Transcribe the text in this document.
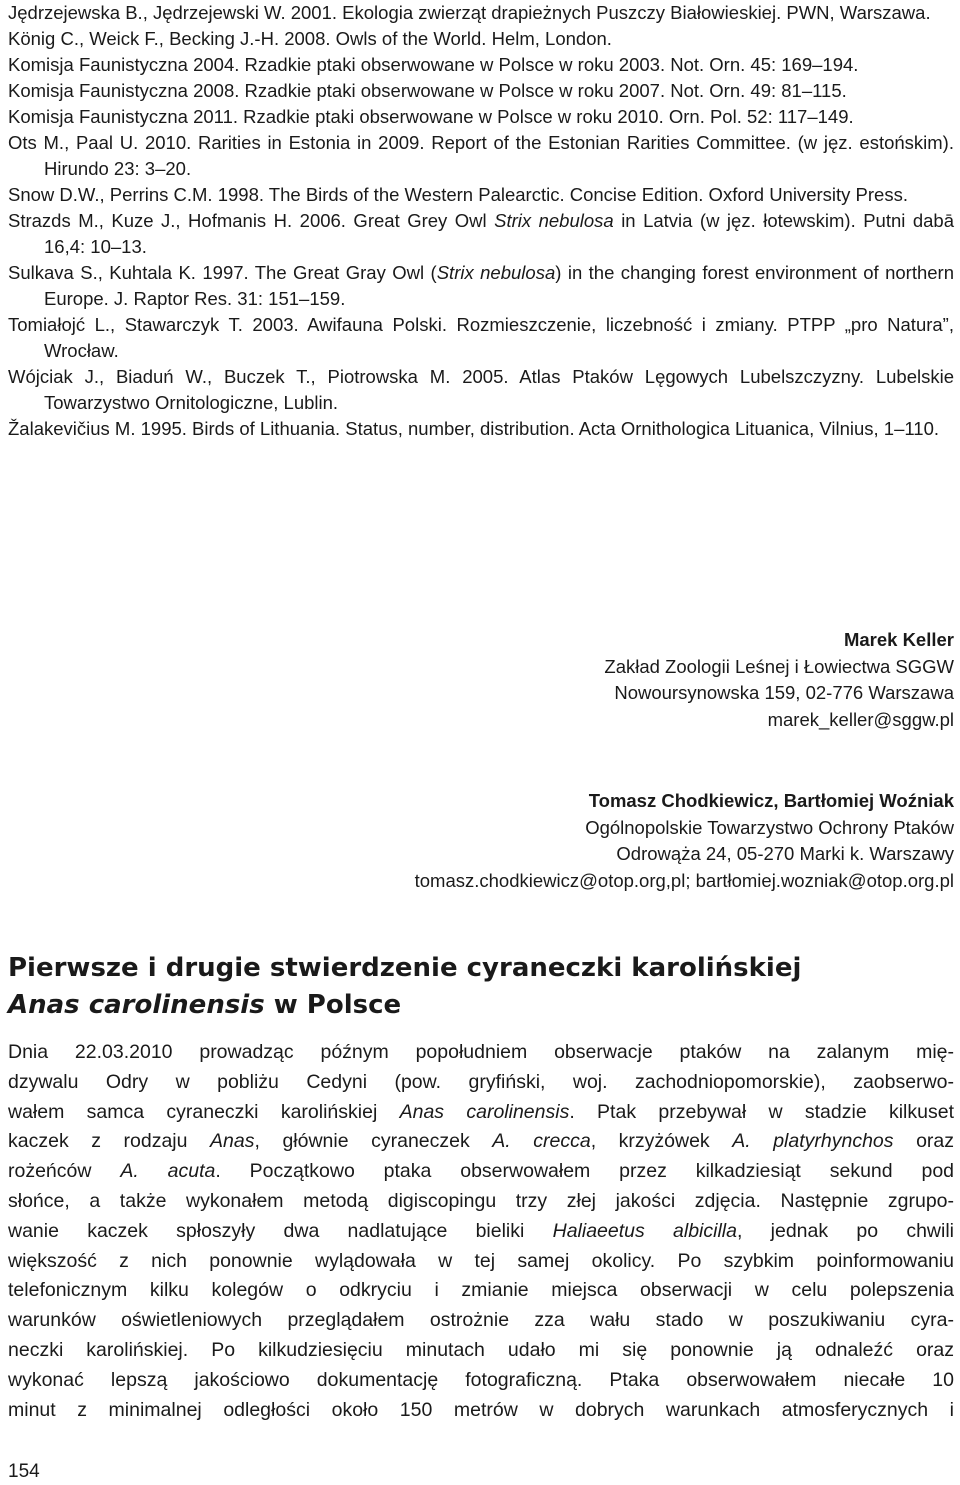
Jędrzejewska B., Jędrzejewski W. 2001. Ekologia zwierząt drapieżnych Puszczy Białowieskiej. PWN, Warszawa.

König C., Weick F., Becking J.-H. 2008. Owls of the World. Helm, London.

Komisja Faunistyczna 2004. Rzadkie ptaki obserwowane w Polsce w roku 2003. Not. Orn. 45: 169–194.

Komisja Faunistyczna 2008. Rzadkie ptaki obserwowane w Polsce w roku 2007. Not. Orn. 49: 81–115.

Komisja Faunistyczna 2011. Rzadkie ptaki obserwowane w Polsce w roku 2010. Orn. Pol. 52: 117–149.

Ots M., Paal U. 2010. Rarities in Estonia in 2009. Report of the Estonian Rarities Committee. (w jęz. estońskim). Hirundo 23: 3–20.

Snow D.W., Perrins C.M. 1998. The Birds of the Western Palearctic. Concise Edition. Oxford University Press.

Strazds M., Kuze J., Hofmanis H. 2006. Great Grey Owl Strix nebulosa in Latvia (w jęz. łotewskim). Putni dabā 16,4: 10–13.

Sulkava S., Kuhtala K. 1997. The Great Gray Owl (Strix nebulosa) in the changing forest environment of northern Europe. J. Raptor Res. 31: 151–159.

Tomiałojć L., Stawarczyk T. 2003. Awifauna Polski. Rozmieszczenie, liczebność i zmiany. PTPP „pro Natura”, Wrocław.

Wójciak J., Biaduń W., Buczek T., Piotrowska M. 2005. Atlas Ptaków Lęgowych Lubelszczyzny. Lubelskie Towarzystwo Ornitologiczne, Lublin.

Žalakevičius M. 1995. Birds of Lithuania. Status, number, distribution. Acta Ornithologica Lituanica, Vilnius, 1–110.

Marek Keller
Zakład Zoologii Leśnej i Łowiectwa SGGW
Nowoursynowska 159, 02-776 Warszawa
marek_keller@sggw.pl
Tomasz Chodkiewicz, Bartłomiej Woźniak
Ogólnopolskie Towarzystwo Ochrony Ptaków
Odrowąża 24, 05-270 Marki k. Warszawy
tomasz.chodkiewicz@otop.org,pl; bartłomiej.wozniak@otop.org.pl
Pierwsze i drugie stwierdzenie cyraneczki karolińskiej
Anas carolinensis w Polsce
Dnia 22.03.2010 prowadząc późnym popołudniem obserwacje ptaków na zalanym mię-
dzywalu Odry w pobliżu Cedyni (pow. gryfiński, woj. zachodniopomorskie), zaobserwo-
wałem samca cyraneczki karolińskiej Anas carolinensis. Ptak przebywał w stadzie kilkuset
kaczek z rodzaju Anas, głównie cyraneczek A. crecca, krzyżówek A. platyrhynchos oraz
rożeńców A. acuta. Początkowo ptaka obserwowałem przez kilkadziesiąt sekund pod
słońce, a także wykonałem metodą digiscopingu trzy złej jakości zdjęcia. Następnie zgrupo-
wanie kaczek spłoszyły dwa nadlatujące bieliki Haliaeetus albicilla, jednak po chwili
większość z nich ponownie wylądowała w tej samej okolicy. Po szybkim poinformowaniu
telefonicznym kilku kolegów o odkryciu i zmianie miejsca obserwacji w celu polepszenia
warunków oświetleniowych przeglądałem ostrożnie zza wału stado w poszukiwaniu cyra-
neczki karolińskiej. Po kilkudziesięciu minutach udało mi się ponownie ją odnaleźć oraz
wykonać lepszą jakościowo dokumentację fotograficzną. Ptaka obserwowałem niecałe 10
minut z minimalnej odległości około 150 metrów w dobrych warunkach atmosferycznych i
154
